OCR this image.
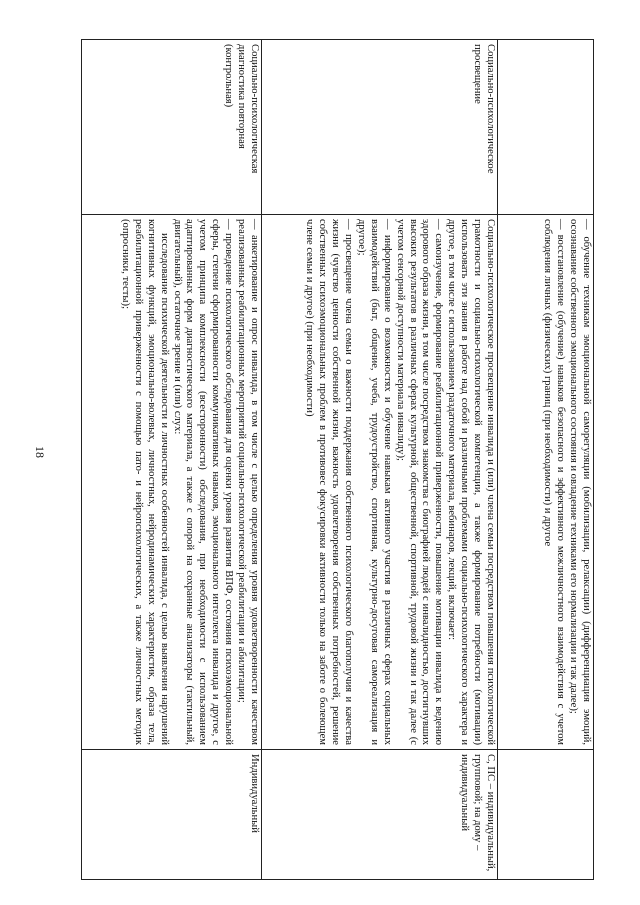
18

	— обучение техникам эмоциональной саморегуляции (мобилизации, релаксации) (дифференциация эмоций, осознавание собственного эмоционального состояния и овладение техниками его нормализации и так далее);

— восстановление (обучение) навыков безопасного и эффективного межличностного взаимодействия с учетом соблюдения личных (физических) границ (при необходимости) и другое	

Социально-психологическое просвещение	Социально-психологическое просвещение инвалида и (или) члена семьи посредством повышения психологической грамотности и социально-психологической компетенции, а также формирование потребности (мотивации) использовать эти знания в работе над собой и различными проблемами социально-психологического характера и другое, в том числе с использованием раздаточного материала, вебинаров, лекций, включает:

— самоизучение, формирование реабилитационной приверженности, повышение мотивации инвалида к ведению здорового образа жизни, в том числе посредством знакомства с биографией людей с инвалидностью, достигнувших высоких результатов в различных сферах культурной, общественной, спортивной, трудовой жизни и так далее (с учетом сенсорной доступности материала инвалиду);

— информирование о возможностях и обучение навыкам активного участия в различных сферах социальных взаимодействий (быт, общение, учеба, трудоустройство, спортивная, культурно-досуговая самореализация и другое);

— просвещение члена семьи о важности поддержания собственного психологического благополучия и качества жизни (чувство ценности собственной жизни, важность удовлетворения собственных потребностей, решение собственных психоэмоциональных проблем в противовес фокусировки активности только на заботе о болеющем члене семьи и другое) (при необходимости)	С, ПС – индивидуальный, групповой; на дому – индивидуальный
Социально-психологическая диагностика повторная (контрольная)	— анкетирование и опрос инвалида, в том числе с целью определения уровня удовлетворенности качеством реализованных реабилитационных мероприятий социально-психологической реабилитации и абилитации;

— проведение психологического обследования для оценки уровня развития ВПФ, состояния психоэмоциональной сферы, степени сформированности коммуникативных навыков, эмоционального интеллекта инвалида и другое, с учетом принципа комплексности (всесторонности) обследования, при необходимости с использованием адаптированных форм диагностического материала, а также с опорой на сохранные анализаторы (тактильный, двигательный), остаточное зрение и (или) слух:

исследование психической деятельности и личностных особенностей инвалида, с целью выявления нарушений когнитивных функций, эмоционально-волевых, личностных, нейродинамических характеристик, образа тела, реабилитационной приверженности с помощью пато- и нейропсихологических, а также личностных методик (опросники, тесты);	Индивидуальный
